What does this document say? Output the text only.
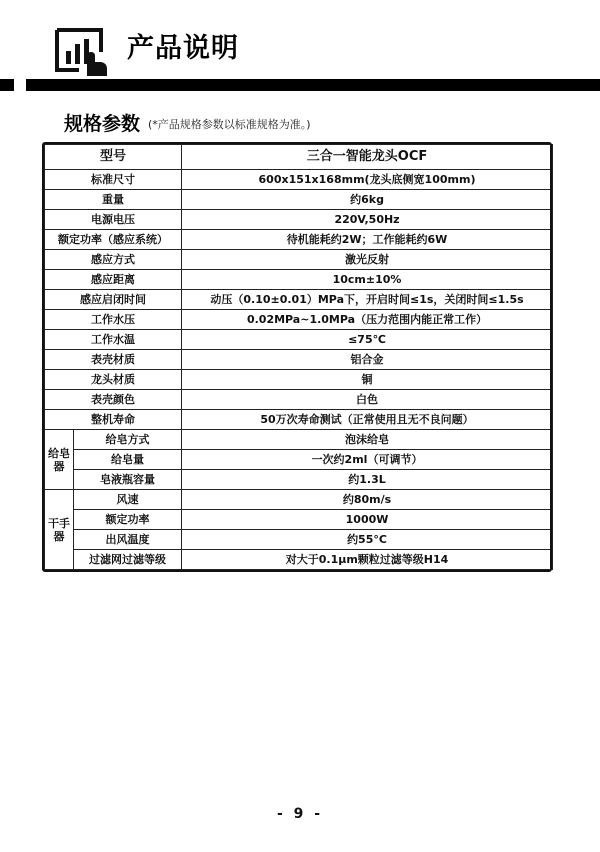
产品说明
规格参数 (*产品规格参数以标准规格为准。)
型号		三合一智能龙头OCF
标准尺寸		600x151x168mm(龙头底侧宽100mm)
重量		约6kg
电源电压		220V,50Hz
额定功率（感应系统）		待机能耗约2W；工作能耗约6W
感应方式		激光反射
感应距离		10cm±10%
感应启闭时间		动压（0.10±0.01）MPa下，开启时间≤1s，关闭时间≤1.5s
工作水压		0.02MPa~1.0MPa（压力范围内能正常工作）
工作水温		≤75℃
表壳材质		铝合金
龙头材质		铜
表壳颜色		白色
整机寿命		50万次寿命测试（正常使用且无不良问题）
给皂器	给皂方式	泡沫给皂
	给皂量	一次约2ml（可调节）
	皂液瓶容量	约1.3L
干手器	风速	约80m/s
	额定功率	1000W
	出风温度	约55°C
	过滤网过滤等级	对大于0.1μm颗粒过滤等级H14
- 9 -
